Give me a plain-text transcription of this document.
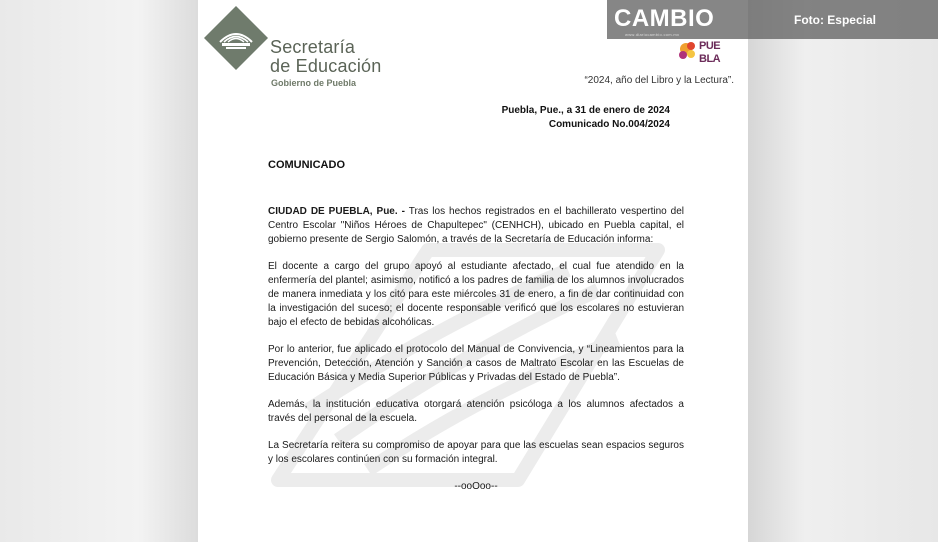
Secretaría
de Educación
Gobierno de Puebla
PUE
BLA
“2024, año del Libro y la Lectura”.
Puebla, Pue., a 31 de enero de 2024
Comunicado No.004/2024
COMUNICADO

CIUDAD DE PUEBLA, Pue. - Tras los hechos registrados en el bachillerato vespertino del Centro Escolar "Niños Héroes de Chapultepec" (CENHCH), ubicado en Puebla capital, el gobierno presente de Sergio Salomón, a través de la Secretaría de Educación informa:

El docente a cargo del grupo apoyó al estudiante afectado, el cual fue atendido en la enfermería del plantel; asimismo, notificó a los padres de familia de los alumnos involucrados de manera inmediata y los citó para este miércoles 31 de enero, a fin de dar continuidad con la investigación del suceso; el docente responsable verificó que los escolares no estuvieran bajo el efecto de bebidas alcohólicas.

Por lo anterior, fue aplicado el protocolo del Manual de Convivencia, y “Lineamientos para la Prevención, Detección, Atención y Sanción a casos de Maltrato Escolar en las Escuelas de Educación Básica y Media Superior Públicas y Privadas del Estado de Puebla”.

Además, la institución educativa otorgará atención psicóloga a los alumnos afectados a través del personal de la escuela.

La Secretaría reitera su compromiso de apoyar para que las escuelas sean espacios seguros y los escolares continúen con su formación integral.

--ooOoo--
CAMBIO
www.diariocambio.com.mx
Foto: Especial
